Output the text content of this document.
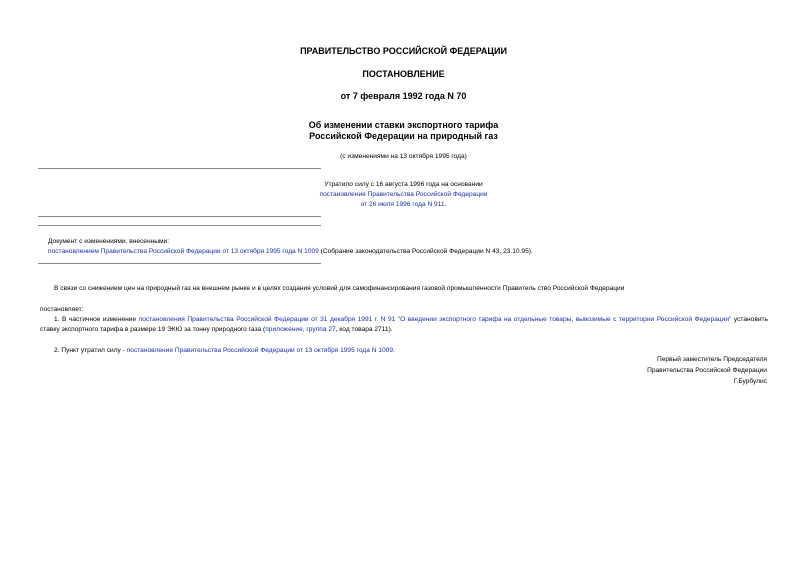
ПРАВИТЕЛЬСТВО РОССИЙСКОЙ ФЕДЕРАЦИИ
ПОСТАНОВЛЕНИЕ
от 7 февраля 1992 года N 70
Об изменении ставки экспортного тарифа
Российской Федерации на природный газ
(с изменениями на 13 октября 1995 года)
Утратило силу с 16 августа 1996 года на основании
постановления Правительства Российской Федерации
от 26 июля 1996 года N 911.
Документ с изменениями, внесенными:
постановлением Правительства Российской Федерации от 13 октября 1995 года N 1009 (Собрание законодательства Российской Федерации N 43, 23.10.95).
В связи со снижением цен на природный газ на внешнем рынке и в целях создания условий для самофинансирования газовой промышленности Правитель ство Российской Федерации
постановляет:
1. В частичное изменение постановления Правительства Российской Федерации от 31 декабря 1991 г. N 91 "О введении экспортного тарифа на отдельные товары, вывозимые с территории Российской Федерации" установить ставку экспортного тарифа в размере 19 ЭКЮ за тонну природного газа (приложение, группа 27, код товара 2711).
2. Пункт утратил силу - постановление Правительства Российской Федерации от 13 октября 1995 года N 1009.
Первый заместитель Председателя
Правительства Российской Федерации
Г.Бурбулис
